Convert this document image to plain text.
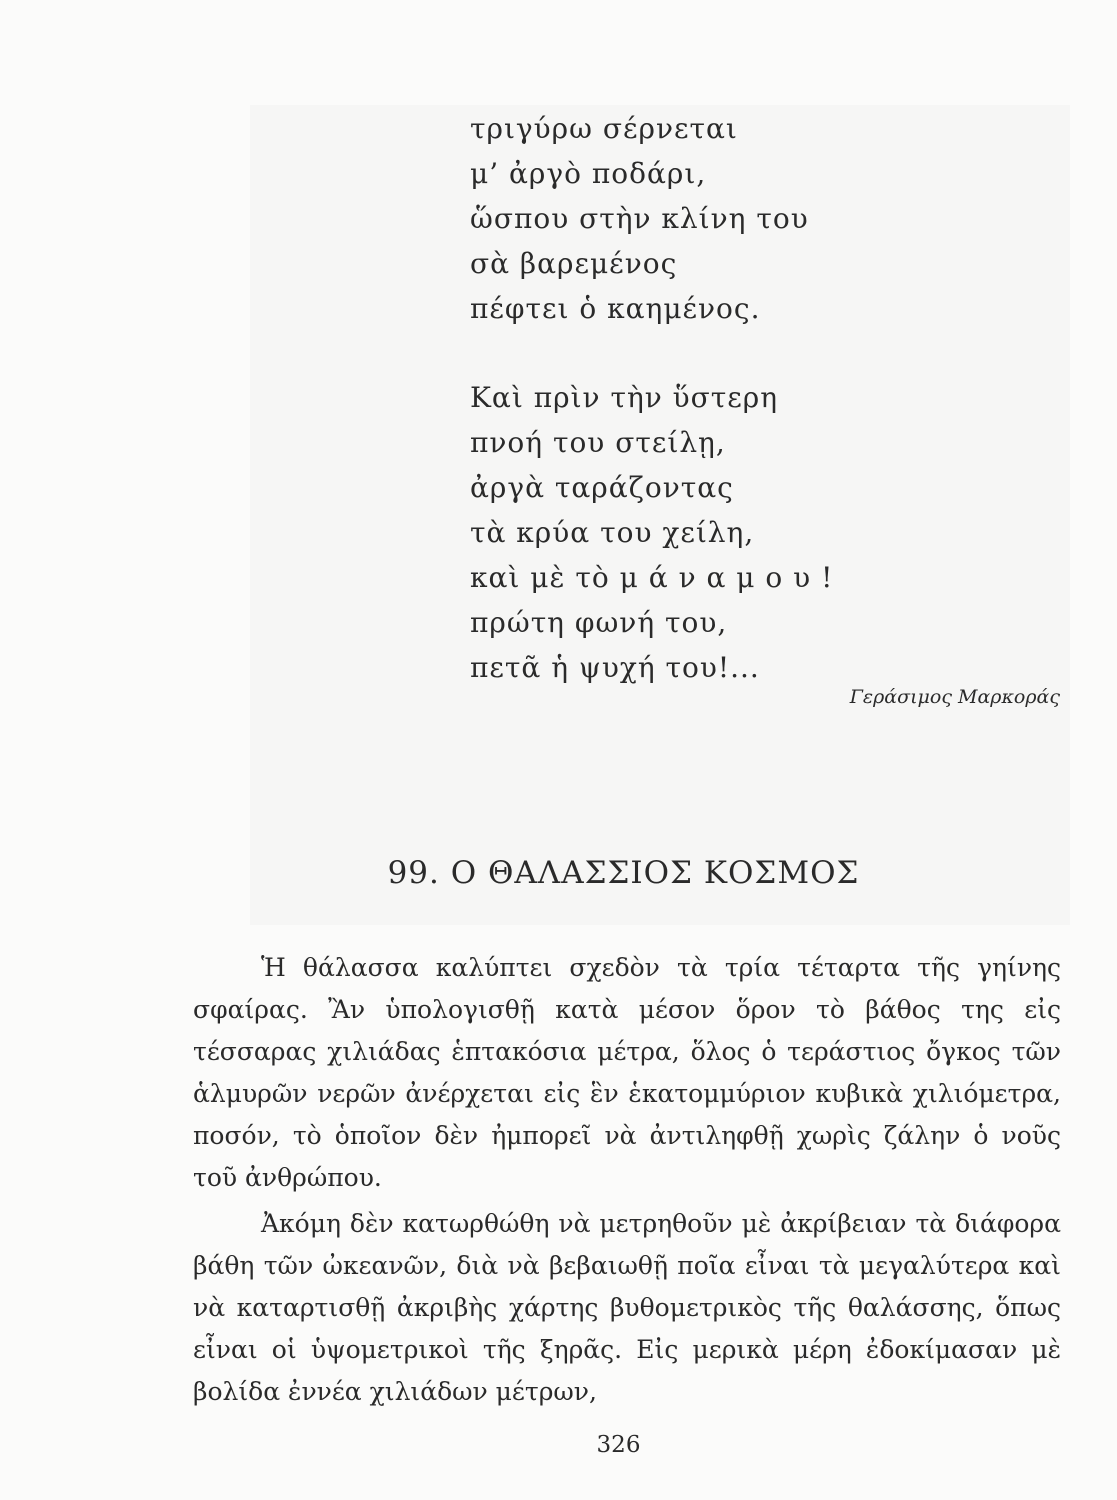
τριγύρω σέρνεται
μ’ ἀργὸ ποδάρι,
ὥσπου στὴν κλίνη του
σὰ βαρεμένος
πέφτει ὁ καημένος.
Καὶ πρὶν τὴν ὕστερη
πνοή του στείλῃ,
ἀργὰ ταράζοντας
τὰ κρύα του χείλη,
καὶ μὲ τὸ μ ά ν α μ ο υ !
πρώτη φωνή του,
πετᾶ ἡ ψυχή του!...
Γεράσιμος Μαρκοράς
99. Ο ΘΑΛΑΣΣΙΟΣ ΚΟΣΜΟΣ

Ἡ θάλασσα καλύπτει σχεδὸν τὰ τρία τέταρτα τῆς γηίνης σφαίρας. Ἂν ὑπολογισθῇ κατὰ μέσον ὅρον τὸ βάθος της εἰς τέσσαρας χιλιάδας ἑπτακόσια μέτρα, ὅλος ὁ τεράστιος ὄγκος τῶν ἁλμυρῶν νερῶν ἀνέρχεται εἰς ἓν ἑκατομμύριον κυβικὰ χιλιόμετρα, ποσόν, τὸ ὁποῖον δὲν ἠμπορεῖ νὰ ἀντιληφθῇ χωρὶς ζάλην ὁ νοῦς τοῦ ἀνθρώπου.

Ἀκόμη δὲν κατωρθώθη νὰ μετρηθοῦν μὲ ἀκρίβειαν τὰ διάφορα βάθη τῶν ὠκεανῶν, διὰ νὰ βεβαιωθῇ ποῖα εἶναι τὰ μεγαλύτερα καὶ νὰ καταρτισθῇ ἀκριβὴς χάρτης βυθομετρικὸς τῆς θαλάσσης, ὅπως εἶναι οἱ ὑψομετρικοὶ τῆς ξηρᾶς. Εἰς μερικὰ μέρη ἐδοκίμασαν μὲ βολίδα ἐννέα χιλιάδων μέτρων,

326
